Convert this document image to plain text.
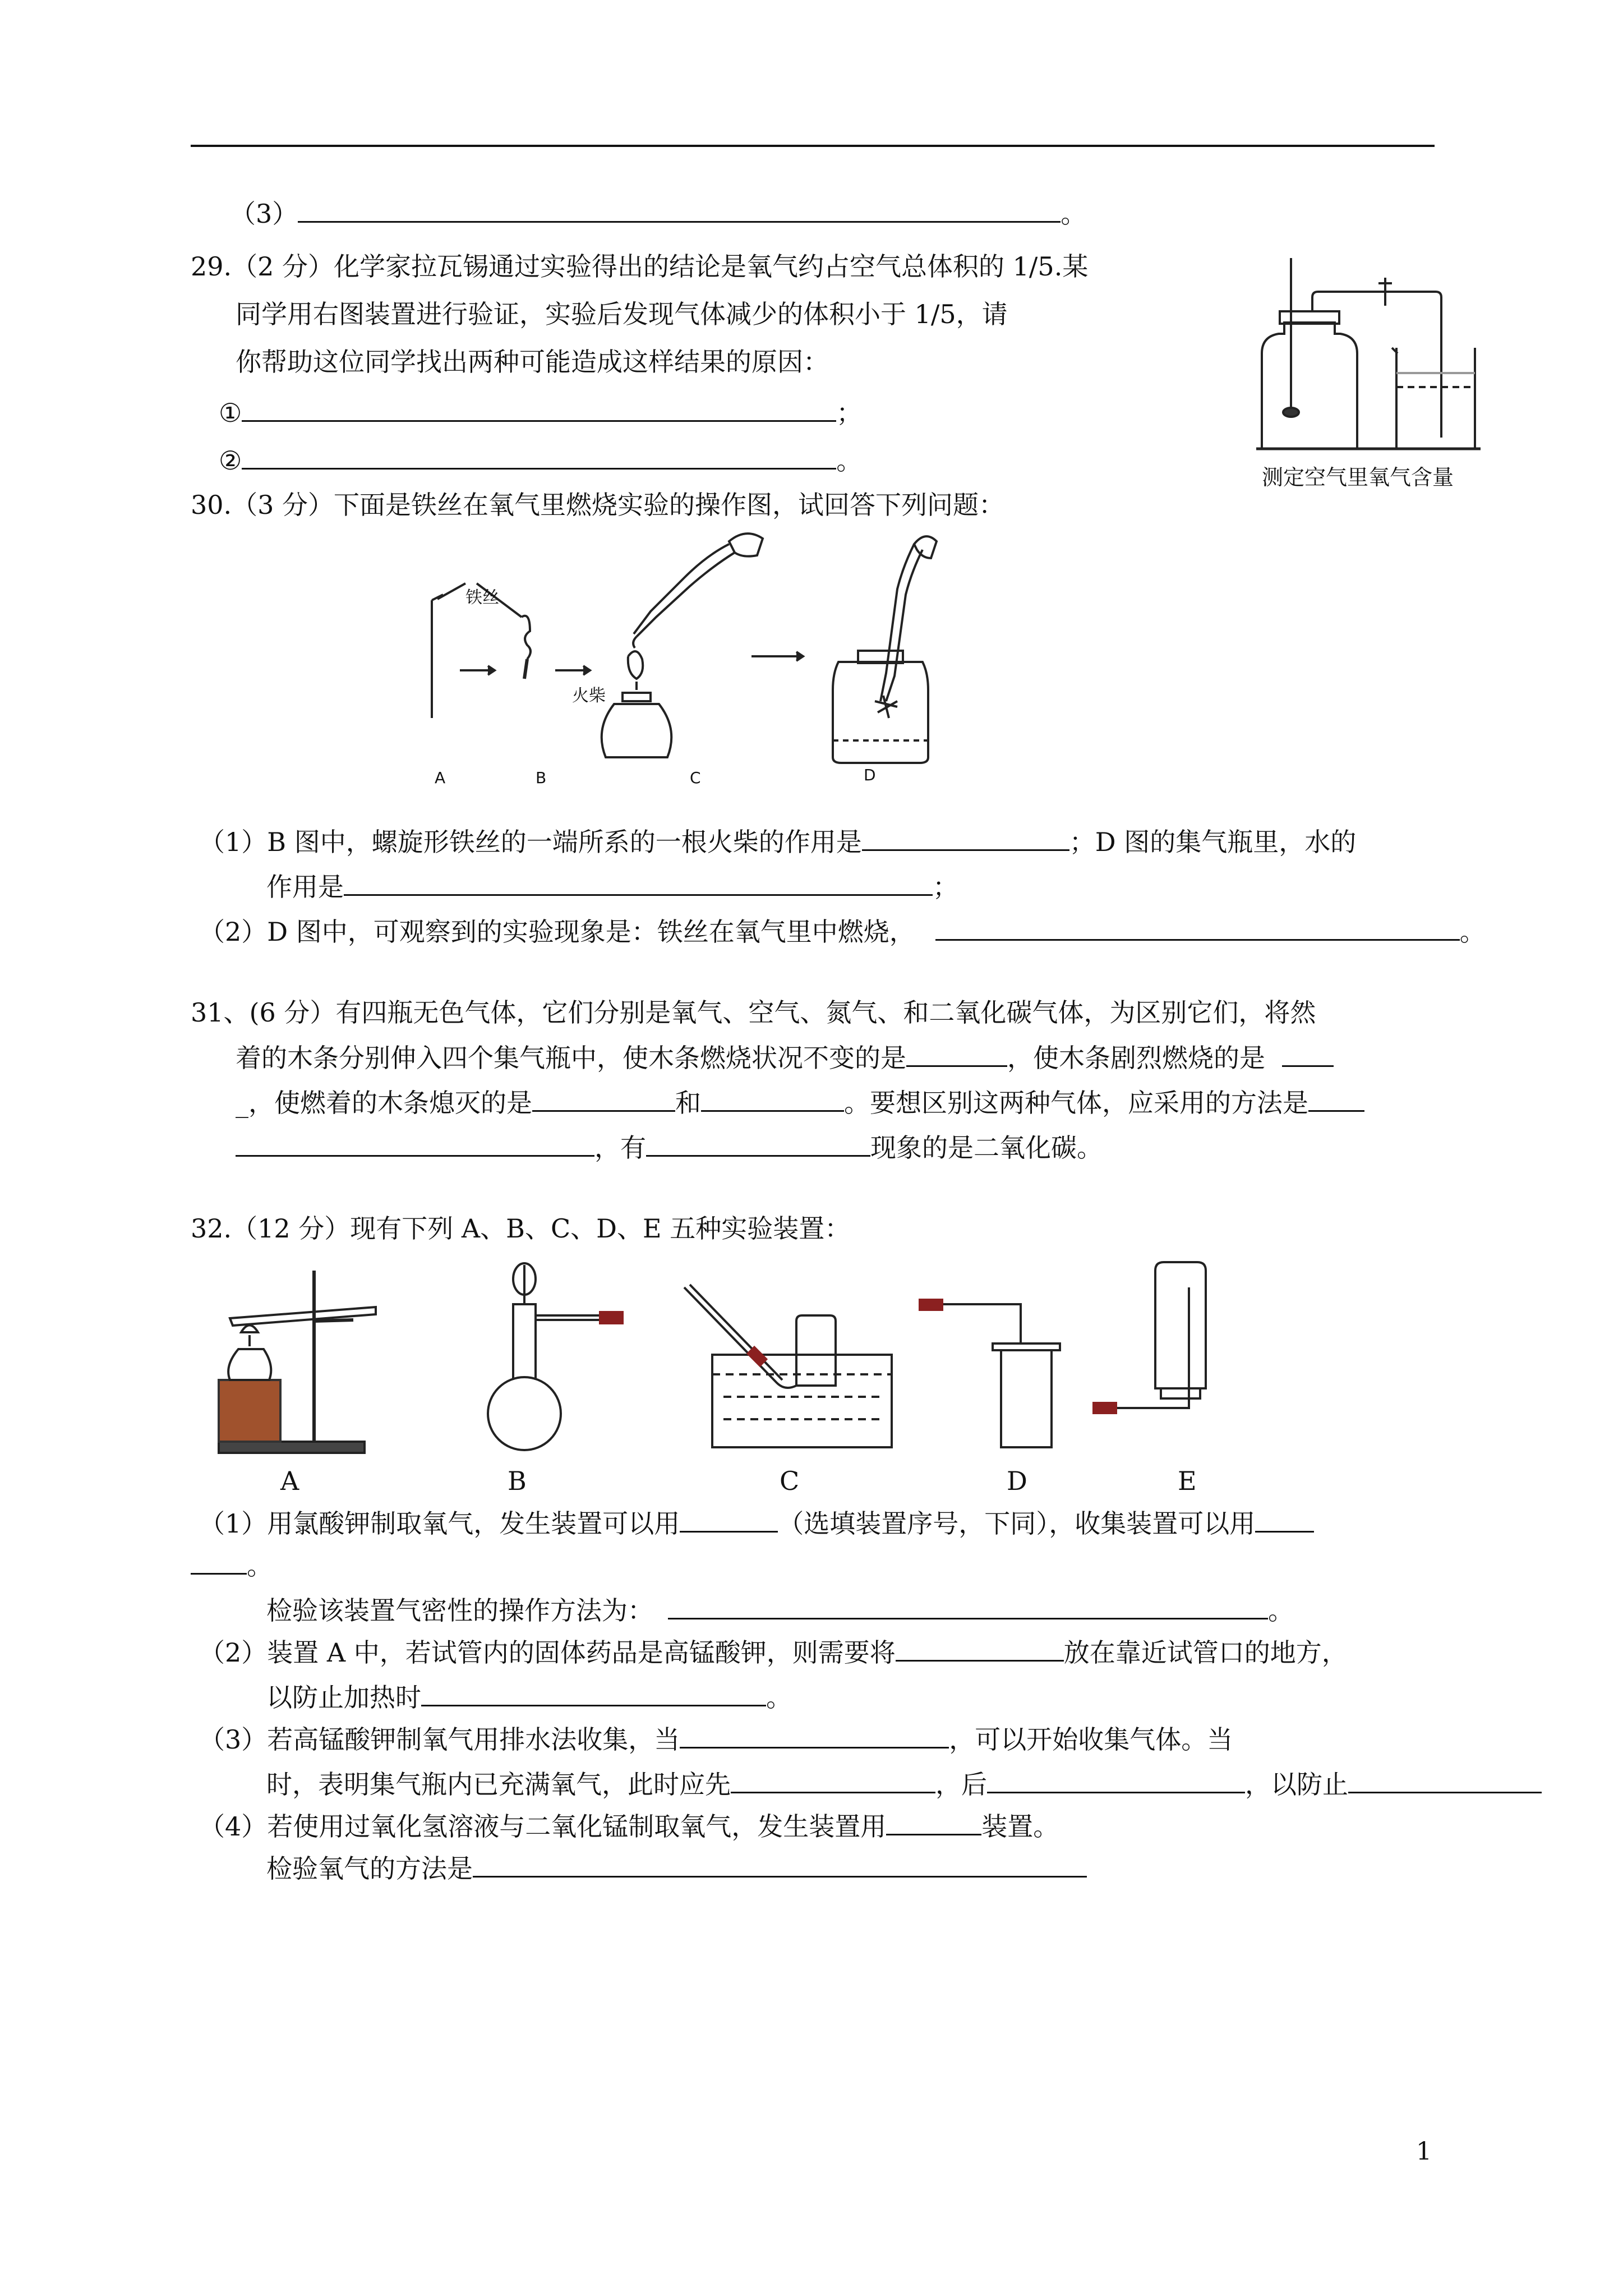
（3）	。
29.（2 分）化学家拉瓦锡通过实验得出的结论是氧气约占空气总体积的 1/5.某
同学用右图装置进行验证，实验后发现气体减少的体积小于 1/5，请
你帮助这位同学找出两种可能造成这样结果的原因：
①	；
②	。
测定空气里氧气含量
30.（3 分）下面是铁丝在氧气里燃烧实验的操作图，试回答下列问题：
铁丝
火柴
A	B	C	D
（1）B 图中，螺旋形铁丝的一端所系的一根火柴的作用是	；D 图的集气瓶里，水的
作用是	；
（2）D 图中，可观察到的实验现象是：铁丝在氧气里中燃烧，	。
31、(6 分）有四瓶无色气体，它们分别是氧气、空气、氮气、和二氧化碳气体，为区别它们，将然
着的木条分别伸入四个集气瓶中，使木条燃烧状况不变的是	，使木条剧烈燃烧的是
_，使燃着的木条熄灭的是	和	。要想区别这两种气体，应采用的方法是
，有	现象的是二氧化碳。
32.（12 分）现有下列 A、B、C、D、E 五种实验装置：
A	B	C	D	E
（1）用氯酸钾制取氧气，发生装置可以用	（选填装置序号，下同），收集装置可以用
。
检验该装置气密性的操作方法为：	。
（2）装置 A 中，若试管内的固体药品是高锰酸钾，则需要将	放在靠近试管口的地方，
以防止加热时	。
（3）若高锰酸钾制氧气用排水法收集，当	，可以开始收集气体。当
时，表明集气瓶内已充满氧气，此时应先	，后	，以防止
（4）若使用过氧化氢溶液与二氧化锰制取氧气，发生装置用	装置。
检验氧气的方法是
1
